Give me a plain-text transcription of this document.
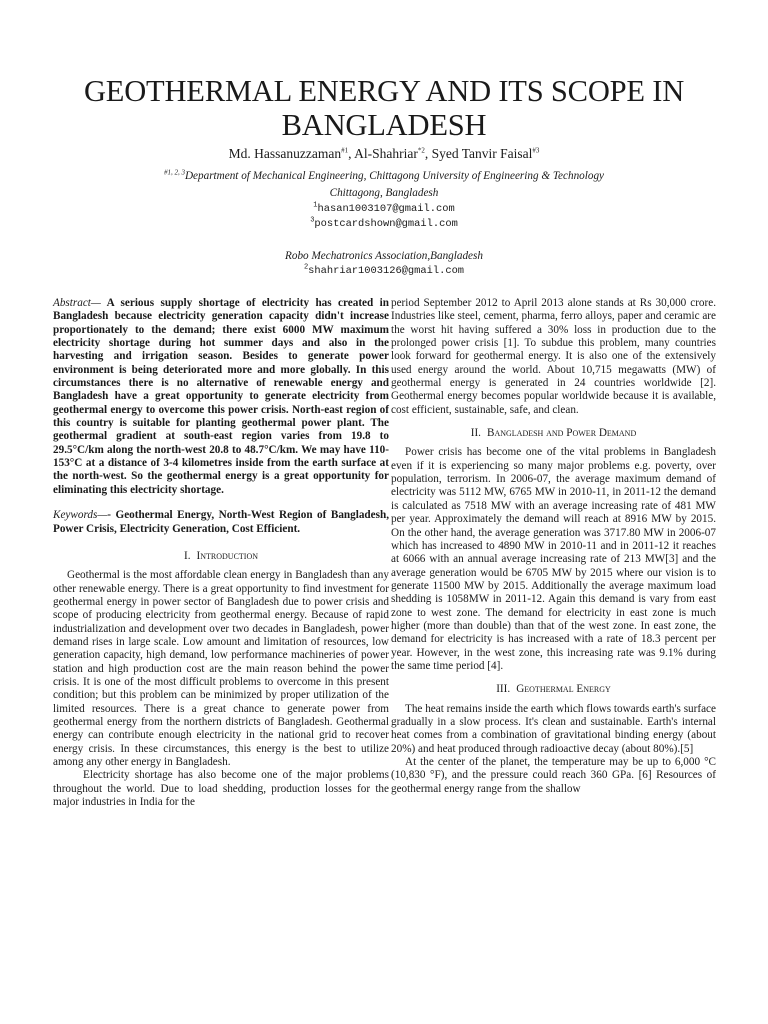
GEOTHERMAL ENERGY AND ITS SCOPE IN
BANGLADESH
Md. Hassanuzzaman$^{\#1}$, Al-Shahriar$^{*2}$, Syed Tanvir Faisal$^{\#3}$
$^{\#1, 2, 3}$Department of Mechanical Engineering, Chittagong University of Engineering & Technology
Chittagong, Bangladesh
$^1$hasan1003107@gmail.com
$^3$postcardshown@gmail.com
Robo Mechatronics Association,Bangladesh
$^2$shahriar1003126@gmail.com

Abstract— A serious supply shortage of electricity has created in Bangladesh because electricity generation capacity didn't increase proportionately to the demand; there exist 6000 MW maximum electricity shortage during hot summer days and also in the harvesting and irrigation season. Besides to generate power environment is being deteriorated more and more globally. In this circumstances there is no alternative of renewable energy and Bangladesh have a great opportunity to generate electricity from geothermal energy to overcome this power crisis. North-east region of this country is suitable for planting geothermal power plant. The geothermal gradient at south-east region varies from 19.8 to 29.5°C/km along the north-west 20.8 to 48.7°C/km. We may have 110-153°C at a distance of 3-4 kilometres inside from the earth surface at the north-west. So the geothermal energy is a great opportunity for eliminating this electricity shortage.

Keywords—- Geothermal Energy, North-West Region of Bangladesh, Power Crisis, Electricity Generation, Cost Efficient.

I. Introduction

Geothermal is the most affordable clean energy in Bangladesh than any other renewable energy. There is a great opportunity to find investment for geothermal energy in power sector of Bangladesh due to power crisis and scope of producing electricity from geothermal energy. Because of rapid industrialization and development over two decades in Bangladesh, power demand rises in large scale. Low amount and limitation of resources, low generation capacity, high demand, low performance machineries of power station and high production cost are the main reason behind the power crisis. It is one of the most difficult problems to overcome in this present condition; but this problem can be minimized by proper utilization of the limited resources. There is a great chance to generate power from geothermal energy from the northern districts of Bangladesh. Geothermal energy can contribute enough electricity in the national grid to recover energy crisis. In these circumstances, this energy is the best to utilize among any other energy in Bangladesh.

Electricity shortage has also become one of the major problems throughout the world. Due to load shedding, production losses for the major industries in India for the

period September 2012 to April 2013 alone stands at Rs 30,000 crore. Industries like steel, cement, pharma, ferro alloys, paper and ceramic are the worst hit having suffered a 30% loss in production due to the prolonged power crisis [1]. To subdue this problem, many countries look forward for geothermal energy. It is also one of the extensively used energy around the world. About 10,715 megawatts (MW) of geothermal energy is generated in 24 countries worldwide [2]. Geothermal energy becomes popular worldwide because it is available, cost efficient, sustainable, safe, and clean.

II. Bangladesh and Power Demand

Power crisis has become one of the vital problems in Bangladesh even if it is experiencing so many major problems e.g. poverty, over population, terrorism. In 2006-07, the average maximum demand of electricity was 5112 MW, 6765 MW in 2010-11, in 2011-12 the demand is calculated as 7518 MW with an average increasing rate of 481 MW per year. Approximately the demand will reach at 8916 MW by 2015. On the other hand, the average generation was 3717.80 MW in 2006-07 which has increased to 4890 MW in 2010-11 and in 2011-12 it reaches at 6066 with an annual average increasing rate of 213 MW[3] and the average generation would be 6705 MW by 2015 where our vision is to generate 11500 MW by 2015. Additionally the average maximum load shedding is 1058MW in 2011-12. Again this demand is vary from east zone to west zone. The demand for electricity in east zone is much higher (more than double) than that of the west zone. In east zone, the demand for electricity is has increased with a rate of 18.3 percent per year. However, in the west zone, this increasing rate was 9.1% during the same time period [4].

III. Geothermal Energy

The heat remains inside the earth which flows towards earth's surface gradually in a slow process. It's clean and sustainable. Earth's internal heat comes from a combination of gravitational binding energy (about 20%) and heat produced through radioactive decay (about 80%).[5]

At the center of the planet, the temperature may be up to 6,000 °C (10,830 °F), and the pressure could reach 360 GPa. [6] Resources of geothermal energy range from the shallow
